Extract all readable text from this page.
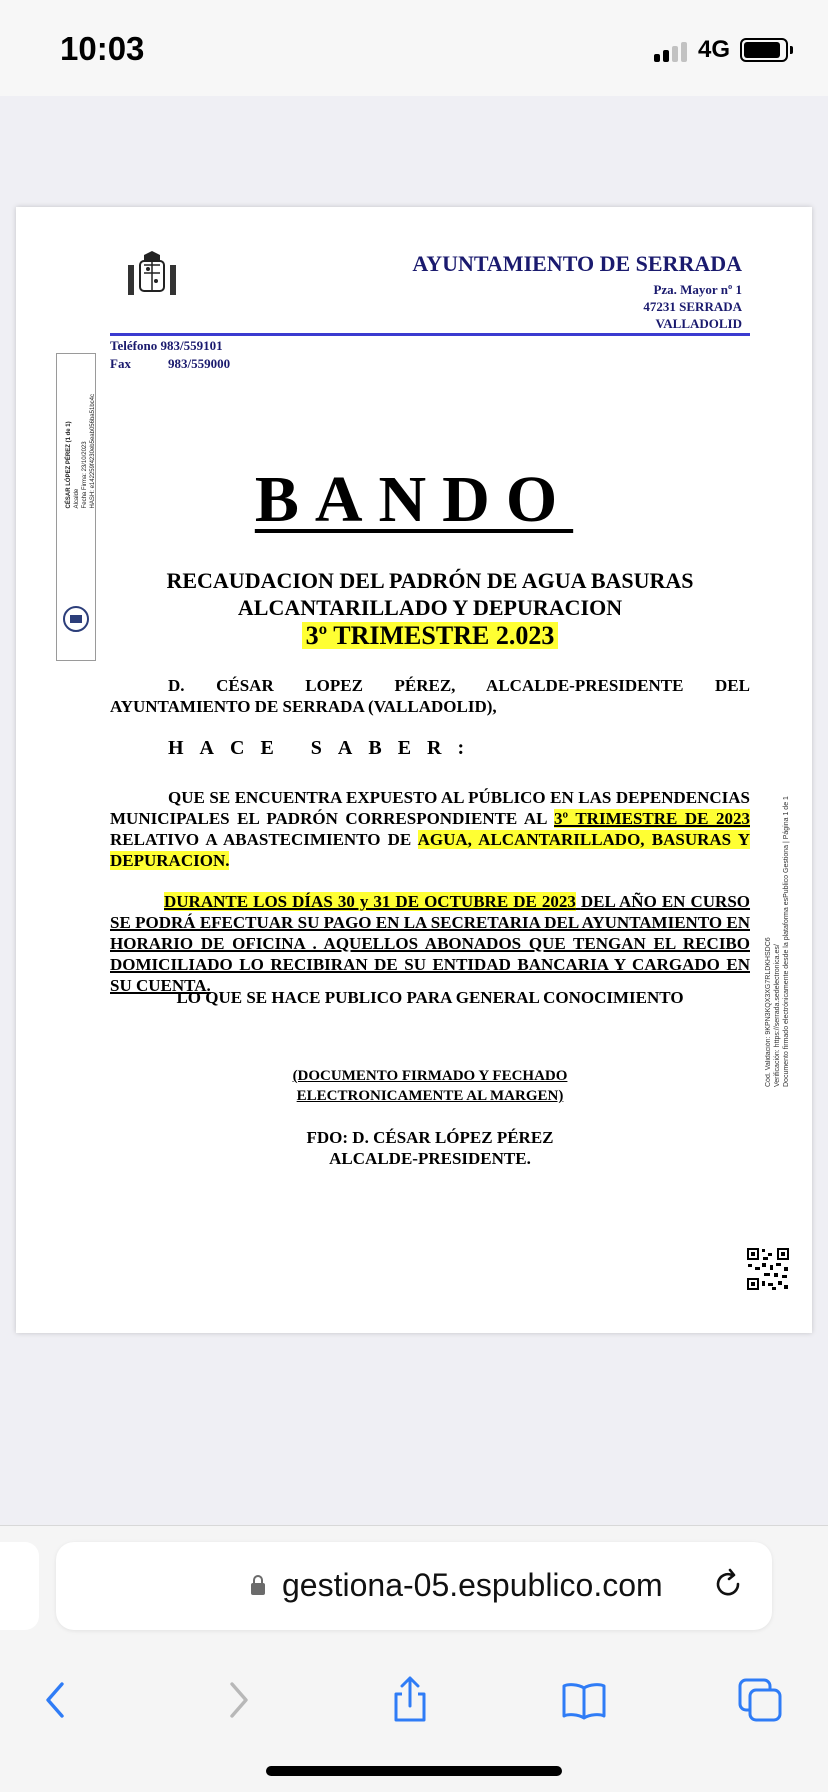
10:03	4G
AYUNTAMIENTO DE SERRADA
Pza. Mayor nº 1
47231 SERRADA
VALLADOLID
Teléfono 983/559101
Fax	983/559000
CÉSAR LÓPEZ PÉREZ (1 de 1) Alcalde Fecha Firma: 23/10/2023 HASH: e142259f4230eb5eab056ba51bc4c	BANDO
RECAUDACION DEL PADRÓN DE AGUA BASURAS
ALCANTARILLADO Y DEPURACION
3º TRIMESTRE 2.023
D. CÉSAR LOPEZ PÉREZ, ALCALDE-PRESIDENTE DEL AYUNTAMIENTO DE SERRADA (VALLADOLID),
HACE SABER:
QUE SE ENCUENTRA EXPUESTO AL PÚBLICO EN LAS DEPENDENCIAS MUNICIPALES EL PADRÓN CORRESPONDIENTE AL 3º TRIMESTRE DE 2023 RELATIVO A ABASTECIMIENTO DE AGUA, ALCANTARILLADO, BASURAS Y DEPURACION.
DURANTE LOS DÍAS 30 y 31 DE OCTUBRE DE 2023 DEL AÑO EN CURSO SE PODRÁ EFECTUAR SU PAGO EN LA SECRETARIA DEL AYUNTAMIENTO EN HORARIO DE OFICINA . AQUELLOS ABONADOS QUE TENGAN EL RECIBO DOMICILIADO LO RECIBIRAN DE SU ENTIDAD BANCARIA Y CARGADO EN SU CUENTA.
LO QUE SE HACE PUBLICO PARA GENERAL CONOCIMIENTO
(DOCUMENTO FIRMADO Y FECHADO
ELECTRONICAMENTE AL MARGEN)
FDO: D. CÉSAR LÓPEZ PÉREZ
ALCALDE-PRESIDENTE.
Cód. Validación: 9KPN3KQX3XG7RLDKHSDC6 Verificación: https://serrada.sedelectronica.es/ Documento firmado electrónicamente desde la plataforma esPublico Gestiona | Página 1 de 1
gestiona-05.espublico.com
